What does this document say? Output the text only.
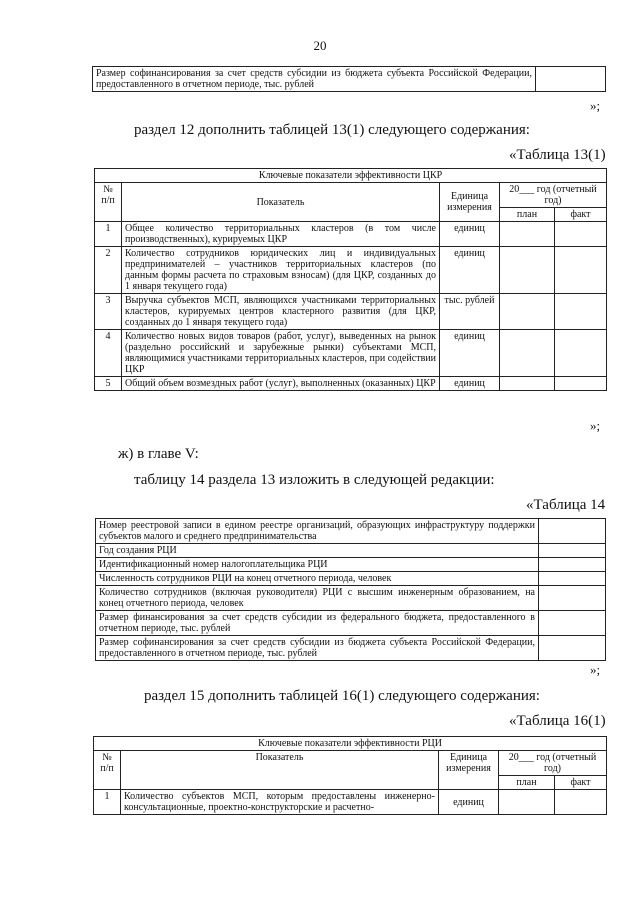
20
Размер софинансирования за счет средств субсидии из бюджета субъекта Российской Федерации, предоставленного в отчетном периоде, тыс. рублей	
»;
раздел 12 дополнить таблицей 13(1) следующего содержания:
«Таблица 13(1)
Ключевые показатели эффективности ЦКР				
№ п/п	Показатель	Единица измерения	20___ год (отчетный год)	
			план	факт
1	Общее количество территориальных кластеров (в том числе производственных), курируемых ЦКР	единиц		
2	Количество сотрудников юридических лиц и индивидуальных предпринимателей – участников территориальных кластеров (по данным формы расчета по страховым взносам) (для ЦКР, созданных до 1 января текущего года)	единиц		
3	Выручка субъектов МСП, являющихся участниками территориальных кластеров, курируемых центров кластерного развития (для ЦКР, созданных до 1 января текущего года)	тыс. рублей		
4	Количество новых видов товаров (работ, услуг), выведенных на рынок (раздельно российский и зарубежные рынки) субъектами МСП, являющимися участниками территориальных кластеров, при содействии ЦКР	единиц		
5	Общий объем возмездных работ (услуг), выполненных (оказанных) ЦКР	единиц		
»;
ж) в главе V:
таблицу 14 раздела 13 изложить в следующей редакции:
«Таблица 14
Номер реестровой записи в едином реестре организаций, образующих инфраструктуру поддержки субъектов малого и среднего предпринимательства	
Год создания РЦИ	
Идентификационный номер налогоплательщика РЦИ	
Численность сотрудников РЦИ на конец отчетного периода, человек	
Количество сотрудников (включая руководителя) РЦИ с высшим инженерным образованием, на конец отчетного периода, человек	
Размер финансирования за счет средств субсидии из федерального бюджета, предоставленного в отчетном периоде, тыс. рублей	
Размер софинансирования за счет средств субсидии из бюджета субъекта Российской Федерации, предоставленного в отчетном периоде, тыс. рублей	
»;
раздел 15 дополнить таблицей 16(1) следующего содержания:
«Таблица 16(1)
Ключевые показатели эффективности РЦИ				
№ п/п	Показатель	Единица измерения	20___ год (отчетный год)	
			план	факт
1	Количество субъектов МСП, которым предоставлены инженерно-консультационные, проектно-конструкторские и расчетно-	единиц		
